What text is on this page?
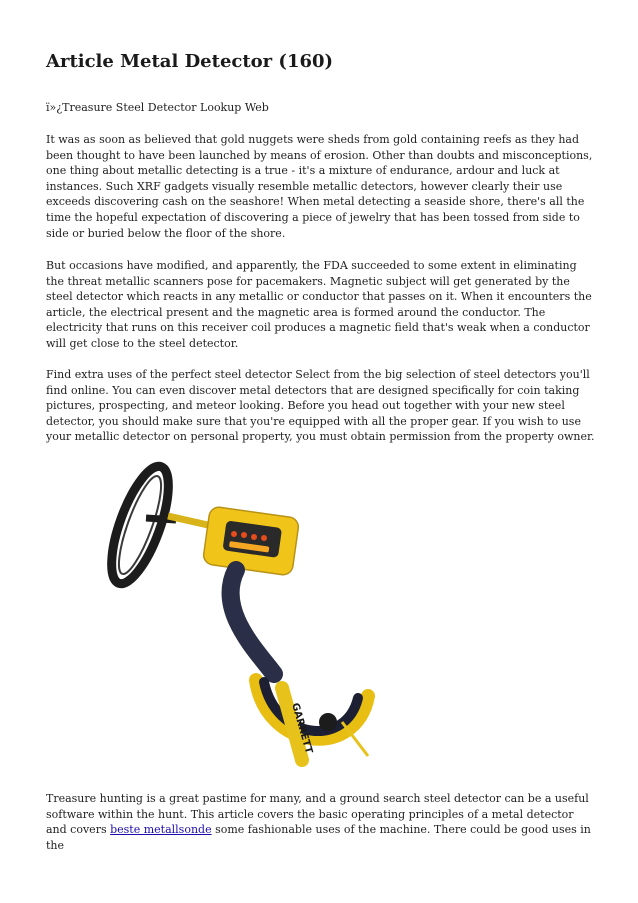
Article Metal Detector (160)
ï»¿Treasure Steel Detector Lookup Web

It was as soon as believed that gold nuggets were sheds from gold containing reefs as they had been thought to have been launched by means of erosion. Other than doubts and misconceptions, one thing about metallic detecting is a true - it's a mixture of endurance, ardour and luck at instances. Such XRF gadgets visually resemble metallic detectors, however clearly their use exceeds discovering cash on the seashore! When metal detecting a seaside shore, there's all the time the hopeful expectation of discovering a piece of jewelry that has been tossed from side to side or buried below the floor of the shore.

But occasions have modified, and apparently, the FDA succeeded to some extent in eliminating the threat metallic scanners pose for pacemakers. Magnetic subject will get generated by the steel detector which reacts in any metallic or conductor that passes on it. When it encounters the article, the electrical present and the magnetic area is formed around the conductor. The electricity that runs on this receiver coil produces a magnetic field that's weak when a conductor will get close to the steel detector.

Find extra uses of the perfect steel detector Select from the big selection of steel detectors you'll find online. You can even discover metal detectors that are designed specifically for coin taking pictures, prospecting, and meteor looking. Before you head out together with your new steel detector, you should make sure that you're equipped with all the proper gear. If you wish to use your metallic detector on personal property, you must obtain permission from the property owner.

GARRETT

Treasure hunting is a great pastime for many, and a ground search steel detector can be a useful software within the hunt. This article covers the basic operating principles of a metal detector and covers beste metallsonde some fashionable uses of the machine. There could be good uses in the
